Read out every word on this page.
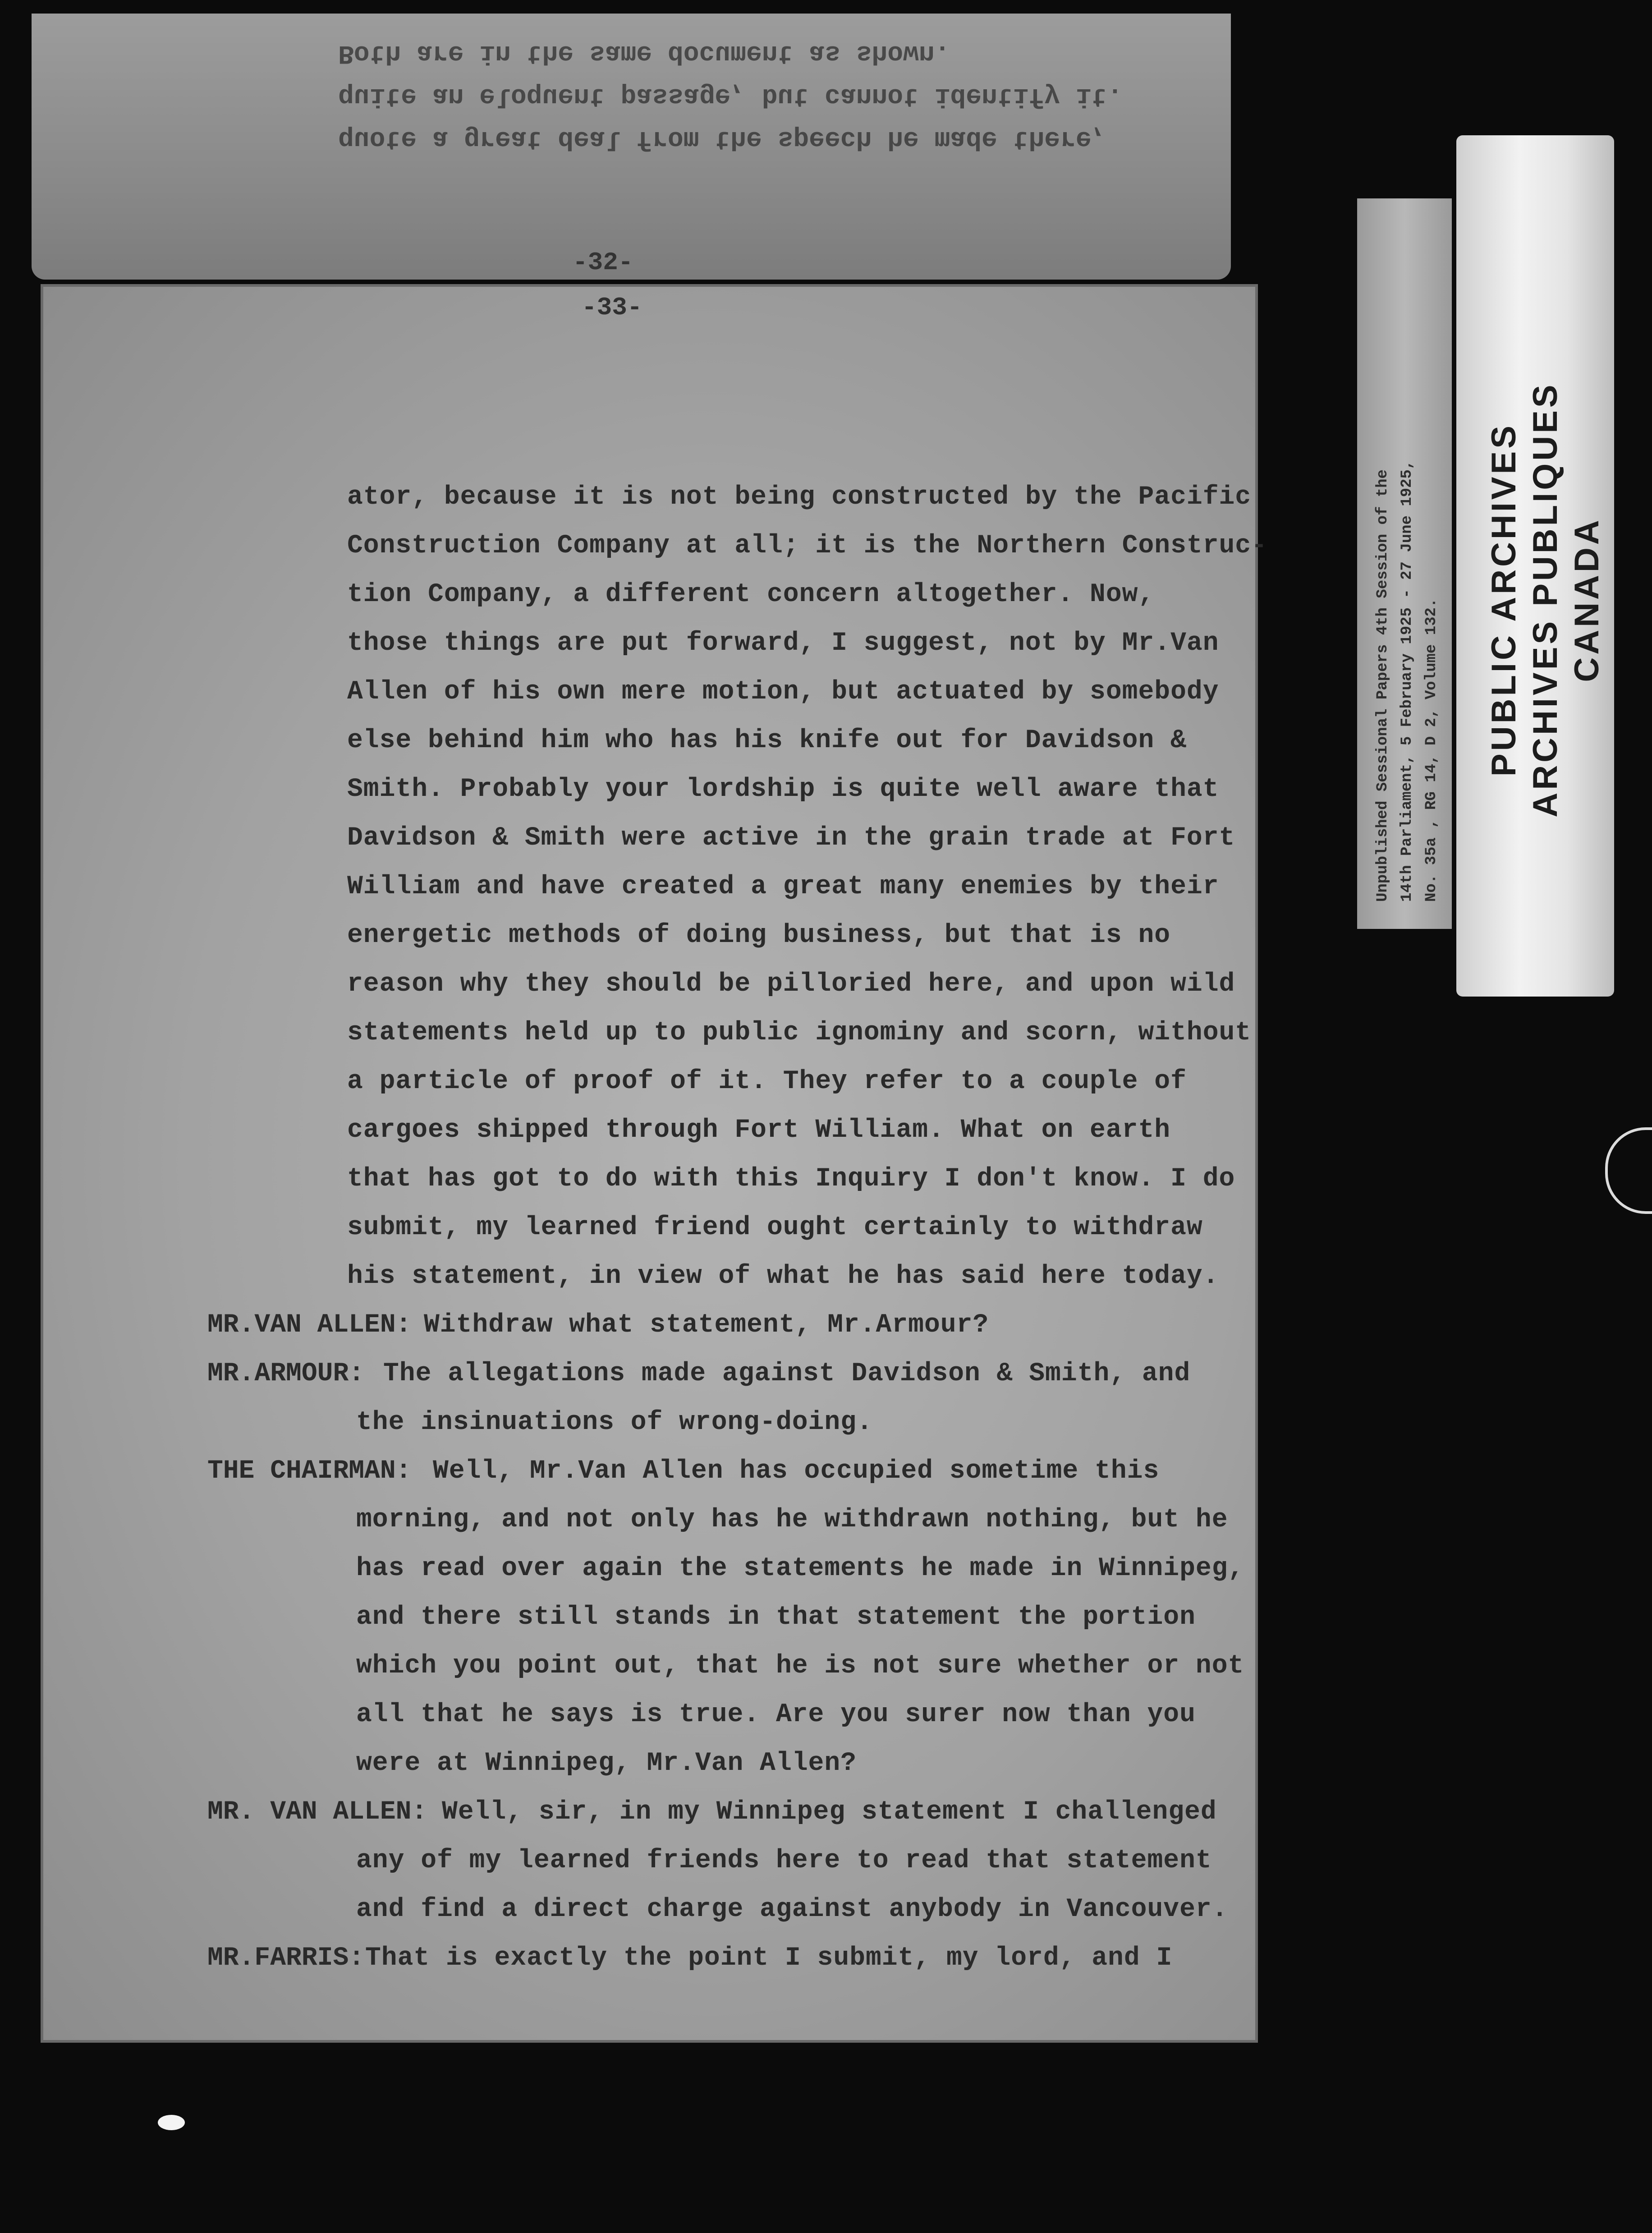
quote a great deal from the speech he made there,
quite an eloquent passage, but cannot identify it.
Both are in the same document as shown.
-32-
-33-
ator, because it is not being constructed by the Pacific
Construction Company at all; it is the Northern Construc-
tion Company, a different concern altogether. Now,
those things are put forward, I suggest, not by Mr.Van
Allen of his own mere motion, but actuated by somebody
else behind him who has his knife out for Davidson &
Smith. Probably your lordship is quite well aware that
Davidson & Smith were active in the grain trade at Fort
William and have created a great many enemies by their
energetic methods of doing business, but that is no
reason why they should be pilloried here, and upon wild
statements held up to public ignominy and scorn, without
a particle of proof of it. They refer to a couple of
cargoes shipped through Fort William. What on earth
that has got to do with this Inquiry I don't know. I do
submit, my learned friend ought certainly to withdraw
his statement, in view of what he has said here today.
MR.VAN ALLEN: Withdraw what statement, Mr.Armour?
MR.ARMOUR: The allegations made against Davidson & Smith, and
the insinuations of wrong-doing.
THE CHAIRMAN: Well, Mr.Van Allen has occupied sometime this
morning, and not only has he withdrawn nothing, but he
has read over again the statements he made in Winnipeg,
and there still stands in that statement the portion
which you point out, that he is not sure whether or not
all that he says is true. Are you surer now than you
were at Winnipeg, Mr.Van Allen?
MR. VAN ALLEN: Well, sir, in my Winnipeg statement I challenged
any of my learned friends here to read that statement
and find a direct charge against anybody in Vancouver.
MR.FARRIS: That is exactly the point I submit, my lord, and I
Unpublished Sessional Papers 4th Session of the 14th Parliament, 5 February 1925 - 27 June 1925, No. 35a , RG 14, D 2, Volume 132. PUBLIC ARCHIVES ARCHIVES PUBLIQUES CANADA
